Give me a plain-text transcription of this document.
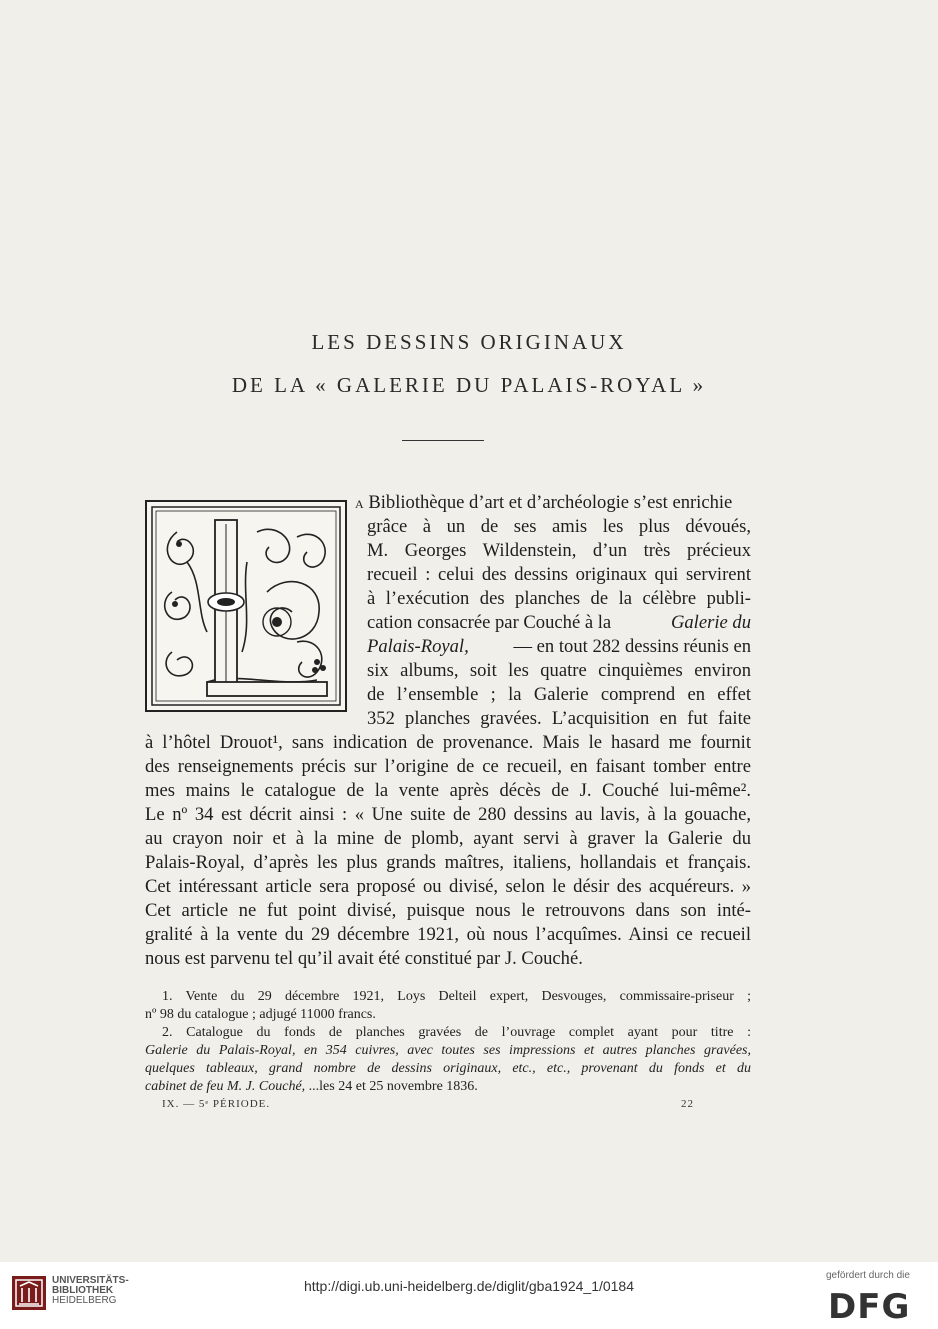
LES DESSINS ORIGINAUX
DE LA « GALERIE DU PALAIS-ROYAL »
A Bibliothèque d’art et d’archéologie s’est enrichie
grâce à un de ses amis les plus dévoués,
M. Georges Wildenstein, d’un très précieux
recueil : celui des dessins originaux qui servirent
à l’exécution des planches de la célèbre publi-
cation consacrée par Couché à la	Galerie du
Palais-Royal, — en tout 282 dessins réunis en
six albums, soit les quatre cinquièmes environ
de l’ensemble ; la Galerie comprend en effet
352 planches gravées. L’acquisition en fut faite
à l’hôtel Drouot¹, sans indication de provenance. Mais le hasard me fournit
des renseignements précis sur l’origine de ce recueil, en faisant tomber entre
mes mains le catalogue de la vente après décès de J. Couché lui-même².
Le nº 34 est décrit ainsi : « Une suite de 280 dessins au lavis, à la gouache,
au crayon noir et à la mine de plomb, ayant servi à graver la Galerie du
Palais-Royal, d’après les plus grands maîtres, italiens, hollandais et français.
Cet intéressant article sera proposé ou divisé, selon le désir des acquéreurs. »
Cet article ne fut point divisé, puisque nous le retrouvons dans son inté-
gralité à la vente du 29 décembre 1921, où nous l’acquîmes. Ainsi ce recueil
nous est parvenu tel qu’il avait été constitué par J. Couché.
1. Vente du 29 décembre 1921, Loys Delteil expert, Desvouges, commissaire-priseur ;
nº 98 du catalogue ; adjugé 11000 francs.
2. Catalogue du fonds de planches gravées de l’ouvrage complet ayant pour titre :
Galerie du Palais-Royal, en 354 cuivres, avec toutes ses impressions et autres planches gravées,
quelques tableaux, grand nombre de dessins originaux, etc., etc., provenant du fonds et du
cabinet de feu M. J. Couché, ...les 24 et 25 novembre 1836.
IX. — 5ᵉ PÉRIODE.	22
UNIVERSITÄTS-
BIBLIOTHEK
HEIDELBERG
http://digi.ub.uni-heidelberg.de/diglit/gba1924_1/0184
gefördert durch die
DFG
